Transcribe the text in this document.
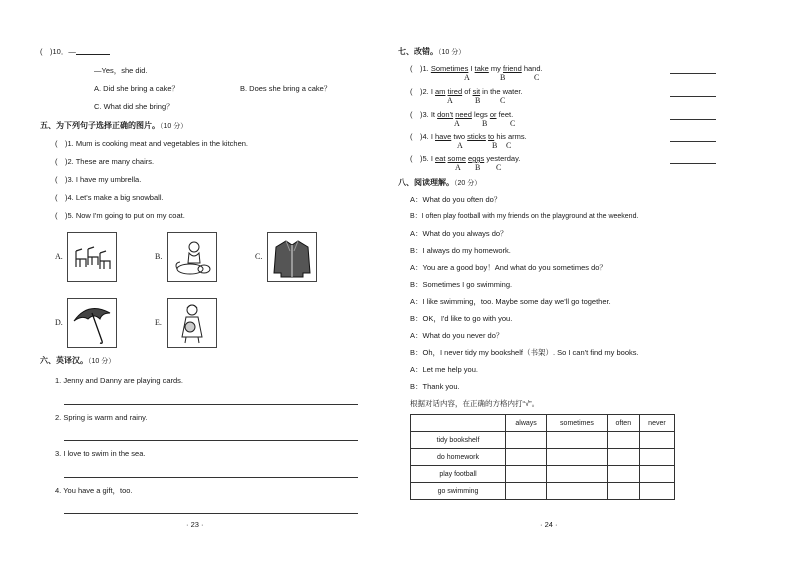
(　)10．—
—Yes，she did.
A. Did she bring a cake？	B. Does she bring a cake？
C. What did she bring？
五、为下列句子选择正确的图片。（10 分）
(　)1. Mum is cooking meat and vegetables in the kitchen.
(　)2. These are many chairs.
(　)3. I have my umbrella.
(　)4. Let's make a big snowball.
(　)5. Now I'm going to put on my coat.
A.	B.	C.
D.	E.
六、英译汉。（10 分）
1. Jenny and Danny are playing cards.
2. Spring is warm and rainy.
3. I love to swim in the sea.
4. You have a gift，too.
· 23 ·
七、改错。（10 分）
(　)1. Sometimes I take my friend hand.
A	B	C
(　)2. I am tired of sit in the water.
A	B C
(　)3. It don't need legs or feet.
A	B	C
(　)4. I have two sticks to his arms.
A	B C
(　)5. I eat some eggs yesterday.
A B C
八、阅读理解。（20 分）
A：What do you often do？
B：I often play football with my friends on the playground at the weekend.
A：What do you always do？
B：I always do my homework.
A：You are a good boy！And what do you sometimes do？
B：Sometimes I go swimming.
A：I like swimming，too. Maybe some day we'll go together.
B：OK，I'd like to go with you.
A：What do you never do？
B：Oh，I never tidy my bookshelf（书架）. So I can't find my books.
A：Let me help you.
B：Thank you.
根据对话内容，在正确的方格内打“√”。
	always	sometimes	often	never
tidy bookshelf				
do homework				
play football				
go swimming				
· 24 ·
